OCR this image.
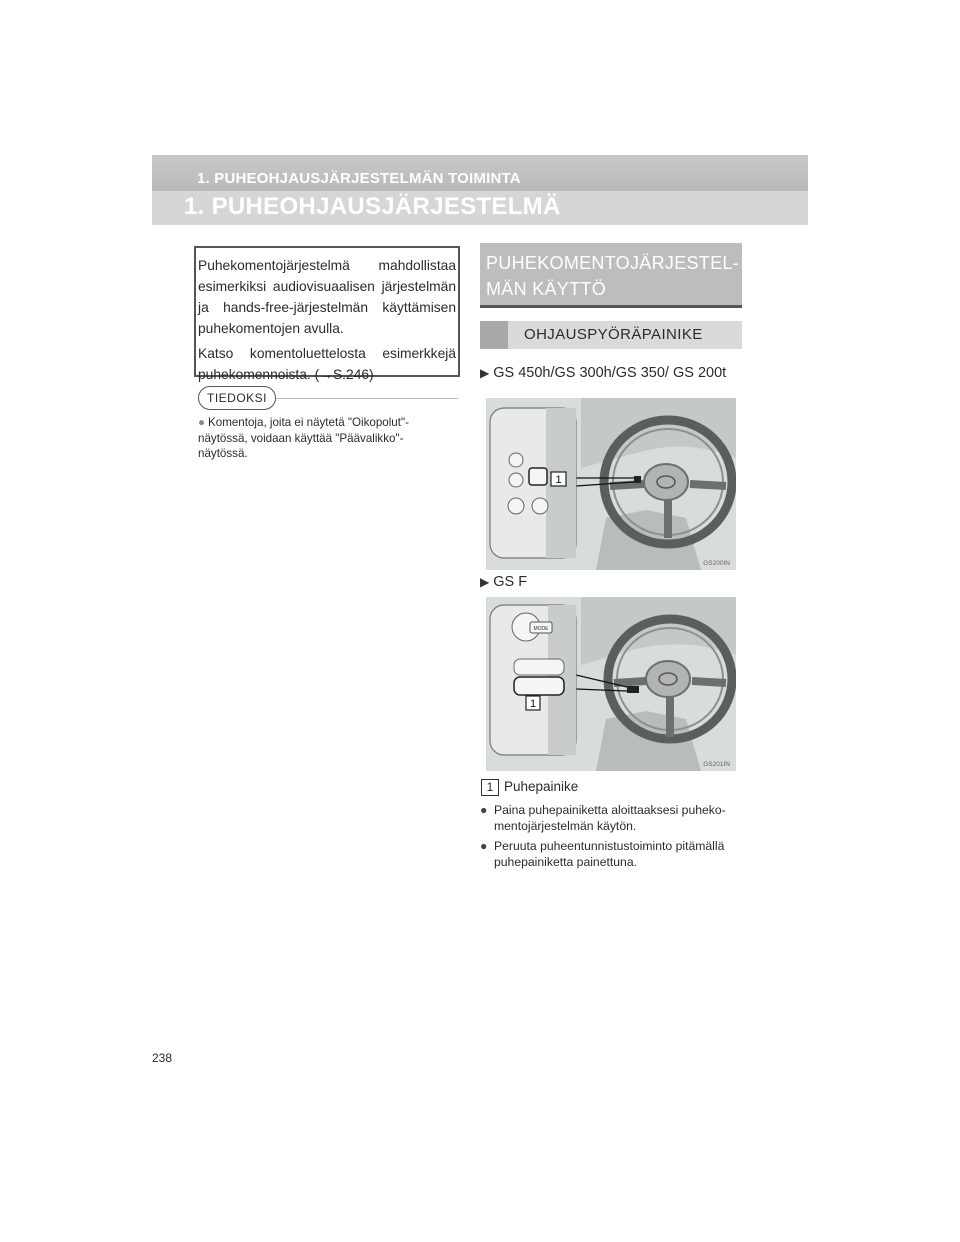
1. PUHEOHJAUSJÄRJESTELMÄN TOIMINTA
1. PUHEOHJAUSJÄRJESTELMÄ

Puhekomentojärjestelmä mahdollistaa esimerkiksi audiovisuaalisen järjestelmän ja hands-free-järjestelmän käyttämisen puhekomentojen avulla.

Katso komentoluettelosta esimerkkejä puhekomennoista. (→S.246)

TIEDOKSI
● Komentoja, joita ei näytetä "Oikopolut"-näytössä, voidaan käyttää "Päävalikko"-näytössä.
PUHEKOMENTOJÄRJESTEL-MÄN KÄYTTÖ
OHJAUSPYÖRÄPAINIKE
▶ GS 450h/GS 300h/GS 350/ GS 200t
1
GS200IN
▶ GS F
MODE
1
GS201IN
1 Puhepainike
● Paina puhepainiketta aloittaaksesi puheko-mentojärjestelmän käytön.
● Peruuta puheentunnistustoiminto pitämällä puhepainiketta painettuna.
238
